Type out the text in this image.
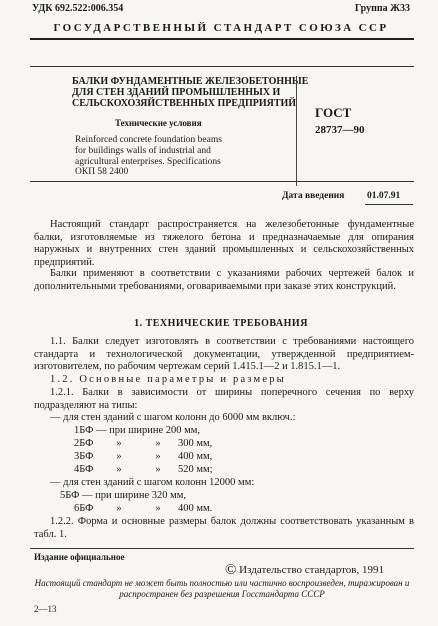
УДК 692.522:006.354	Группа Ж33
ГОСУДАРСТВЕННЫЙ СТАНДАРТ СОЮЗА ССР
БАЛКИ ФУНДАМЕНТНЫЕ ЖЕЛЕЗОБЕТОННЫЕ
ДЛЯ СТЕН ЗДАНИЙ ПРОМЫШЛЕННЫХ И
СЕЛЬСКОХОЗЯЙСТВЕННЫХ ПРЕДПРИЯТИЙ
Технические условия
Reinforced concrete foundation beams
for buildings walls of industrial and
agricultural enterprises. Specifications
ОКП 58 2400
ГОСТ
28737—90
Дата введения 01.07.91
Настоящий стандарт распространяется на железобетонные фундаментные балки, изготовляемые из тяжелого бетона и предназначаемые для опирания наружных и внутренних стен зданий промышленных и сельскохозяйственных предприятий.
Балки применяют в соответствии с указаниями рабочих чертежей балок и дополнительными требованиями, оговариваемыми при заказе этих конструкций.
1. ТЕХНИЧЕСКИЕ ТРЕБОВАНИЯ
1.1. Балки следует изготовлять в соответствии с требованиями настоящего стандарта и технологической документации, утвержденной предприятием-изготовителем, по рабочим чертежам серий 1.415.1—2 и 1.815.1—1.
1.2. Основные параметры и размеры
1.2.1. Балки в зависимости от ширины поперечного сечения по верху подразделяют на типы:
— для стен зданий с шагом колонн до 6000 мм включ.:
1БФ — при ширине 200 мм,
2БФ »	» 300 мм,
3БФ »	» 400 мм,
4БФ »	» 520 мм;
— для стен зданий с шагом колонн 12000 мм:
5БФ — при ширине 320 мм,
6БФ »	» 400 мм.
1.2.2. Форма и основные размеры балок должны соответствовать указанным в табл. 1.
Издание официальное
© Издательство стандартов, 1991
Настоящий стандарт не может быть полностью или частично воспроизведен, тиражирован и распространен без разрешения Госстандарта СССР
2—13
